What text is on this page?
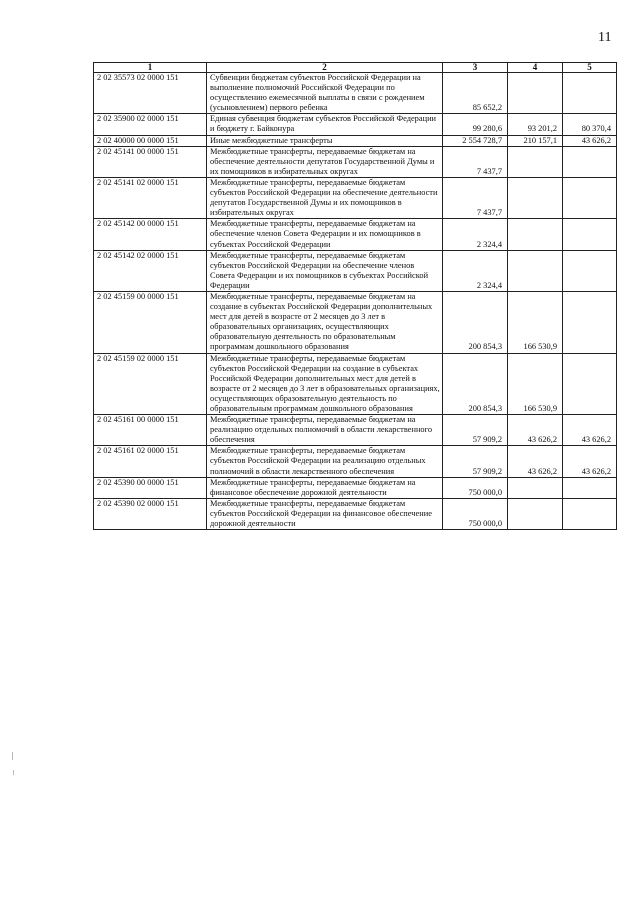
11
1	2	3	4	5
2 02 35573 02 0000 151	Субвенции бюджетам субъектов Российской Федерации на выполнение полномочий Российской Федерации по осуществлению ежемесячной выплаты в связи с рождением (усыновлением) первого ребенка	85 652,2		
2 02 35900 02 0000 151	Единая субвенция бюджетам субъектов Российской Федерации и бюджету г. Байконура	99 280,6	93 201,2	80 370,4
2 02 40000 00 0000 151	Иные межбюджетные трансферты	2 554 728,7	210 157,1	43 626,2
2 02 45141 00 0000 151	Межбюджетные трансферты, передаваемые бюджетам на обеспечение деятельности депутатов Государственной Думы и их помощников в избирательных округах	7 437,7		
2 02 45141 02 0000 151	Межбюджетные трансферты, передаваемые бюджетам субъектов Российской Федерации на обеспечение деятельности депутатов Государственной Думы и их помощников в избирательных округах	7 437,7		
2 02 45142 00 0000 151	Межбюджетные трансферты, передаваемые бюджетам на обеспечение членов Совета Федерации и их помощников в субъектах Российской Федерации	2 324,4		
2 02 45142 02 0000 151	Межбюджетные трансферты, передаваемые бюджетам субъектов Российской Федерации на обеспечение членов Совета Федерации и их помощников в субъектах Российской Федерации	2 324,4		
2 02 45159 00 0000 151	Межбюджетные трансферты, передаваемые бюджетам на создание в субъектах Российской Федерации дополнительных мест для детей в возрасте от 2 месяцев до 3 лет в образовательных организациях, осуществляющих образовательную деятельность по образовательным программам дошкольного образования	200 854,3	166 530,9	
2 02 45159 02 0000 151	Межбюджетные трансферты, передаваемые бюджетам субъектов Российской Федерации на создание в субъектах Российской Федерации дополнительных мест для детей в возрасте от 2 месяцев до 3 лет в образовательных организациях, осуществляющих образовательную деятельность по образовательным программам дошкольного образования	200 854,3	166 530,9	
2 02 45161 00 0000 151	Межбюджетные трансферты, передаваемые бюджетам на реализацию отдельных полномочий в области лекарственного обеспечения	57 909,2	43 626,2	43 626,2
2 02 45161 02 0000 151	Межбюджетные трансферты, передаваемые бюджетам субъектов Российской Федерации на реализацию отдельных полномочий в области лекарственного обеспечения	57 909,2	43 626,2	43 626,2
2 02 45390 00 0000 151	Межбюджетные трансферты, передаваемые бюджетам на финансовое обеспечение дорожной деятельности	750 000,0		
2 02 45390 02 0000 151	Межбюджетные трансферты, передаваемые бюджетам субъектов Российской Федерации на финансовое обеспечение дорожной деятельности	750 000,0		
